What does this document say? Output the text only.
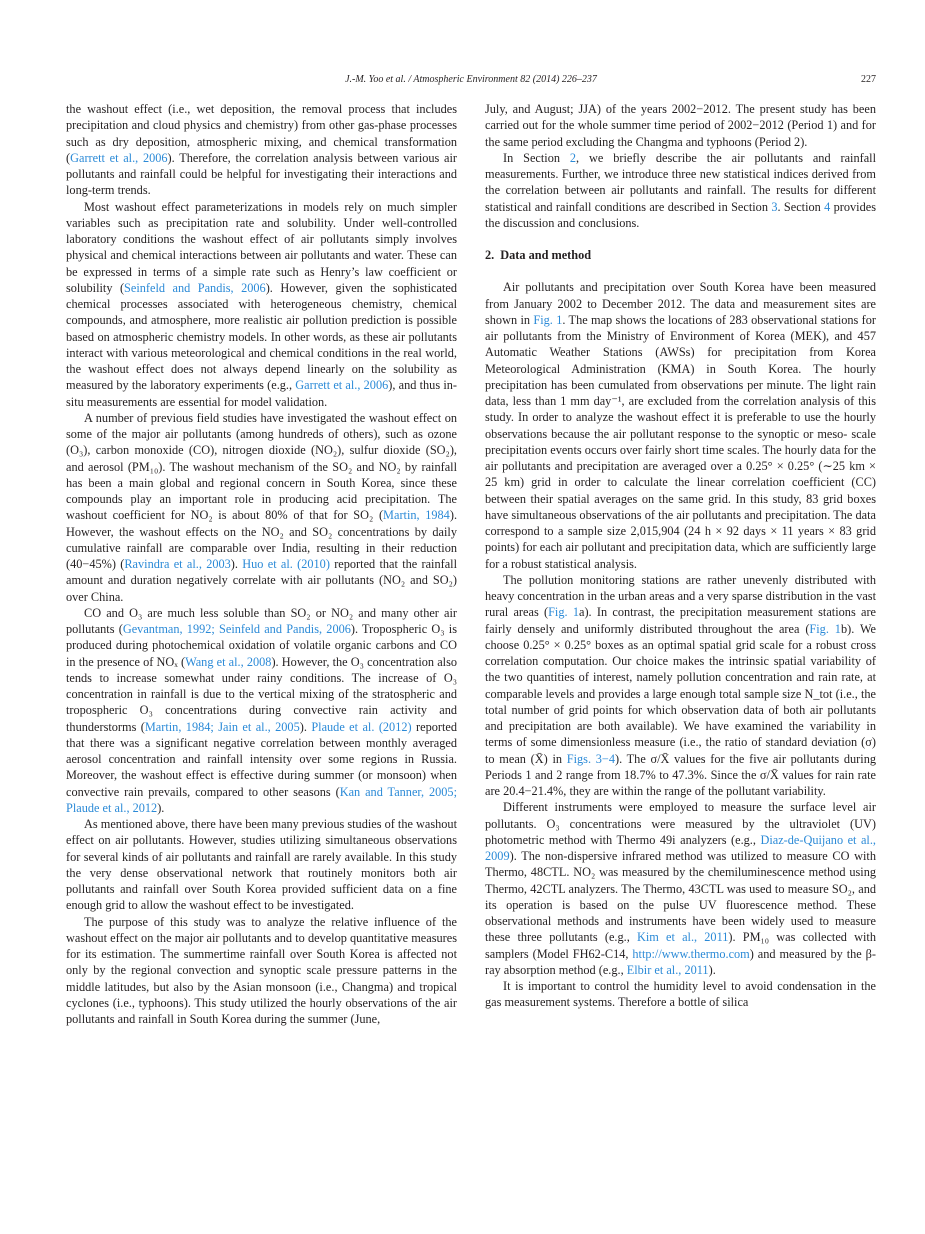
J.-M. Yoo et al. / Atmospheric Environment 82 (2014) 226–237	227

the washout effect (i.e., wet deposition, the removal process that includes precipitation and cloud physics and chemistry) from other gas-phase processes such as dry deposition, atmospheric mixing, and chemical transformation (Garrett et al., 2006). Therefore, the correlation analysis between various air pollutants and rainfall could be helpful for investigating their interactions and long-term trends.

Most washout effect parameterizations in models rely on much simpler variables such as precipitation rate and solubility. Under well-controlled laboratory conditions the washout effect of air pollutants simply involves physical and chemical interactions between air pollutants and water. These can be expressed in terms of a simple rate such as Henry’s law coefficient or solubility (Seinfeld and Pandis, 2006). However, given the sophisticated chemical processes associated with heterogeneous chemistry, chemical compounds, and atmosphere, more realistic air pollution prediction is possible based on atmospheric chemistry models. In other words, as these air pollutants interact with various meteorological and chemical conditions in the real world, the washout effect does not always depend linearly on the solubility as measured by the laboratory experiments (e.g., Garrett et al., 2006), and thus in-situ measurements are essential for model validation.

A number of previous field studies have investigated the washout effect on some of the major air pollutants (among hundreds of others), such as ozone (O₃), carbon monoxide (CO), nitrogen dioxide (NO₂), sulfur dioxide (SO₂), and aerosol (PM₁₀). The washout mechanism of the SO₂ and NO₂ by rainfall has been a main global and regional concern in South Korea, since these compounds play an important role in producing acid precipitation. The washout coefficient for NO₂ is about 80% of that for SO₂ (Martin, 1984). However, the washout effects on the NO₂ and SO₂ concentrations by daily cumulative rainfall are comparable over India, resulting in their reduction (40−45%) (Ravindra et al., 2003). Huo et al. (2010) reported that the rainfall amount and duration negatively correlate with air pollutants (NO₂ and SO₂) over China.

CO and O₃ are much less soluble than SO₂ or NO₂ and many other air pollutants (Gevantman, 1992; Seinfeld and Pandis, 2006). Tropospheric O₃ is produced during photochemical oxidation of volatile organic carbons and CO in the presence of NOₓ (Wang et al., 2008). However, the O₃ concentration also tends to increase somewhat under rainy conditions. The increase of O₃ concentration in rainfall is due to the vertical mixing of the stratospheric and tropospheric O₃ concentrations during convective rain activity and thunderstorms (Martin, 1984; Jain et al., 2005). Plaude et al. (2012) reported that there was a significant negative correlation between monthly averaged aerosol concentration and rainfall intensity over some regions in Russia. Moreover, the washout effect is effective during summer (or monsoon) when convective rain prevails, compared to other seasons (Kan and Tanner, 2005; Plaude et al., 2012).

As mentioned above, there have been many previous studies of the washout effect on air pollutants. However, studies utilizing simultaneous observations for several kinds of air pollutants and rainfall are rarely available. In this study the very dense observational network that routinely monitors both air pollutants and rainfall over South Korea provided sufficient data on a fine enough grid to allow the washout effect to be investigated.

The purpose of this study was to analyze the relative influence of the washout effect on the major air pollutants and to develop quantitative measures for its estimation. The summertime rainfall over South Korea is affected not only by the regional convection and synoptic scale pressure patterns in the middle latitudes, but also by the Asian monsoon (i.e., Changma) and tropical cyclones (i.e., typhoons). This study utilized the hourly observations of the air pollutants and rainfall in South Korea during the summer (June,

July, and August; JJA) of the years 2002−2012. The present study has been carried out for the whole summer time period of 2002−2012 (Period 1) and for the same period excluding the Changma and typhoons (Period 2).

In Section 2, we briefly describe the air pollutants and rainfall measurements. Further, we introduce three new statistical indices derived from the correlation between air pollutants and rainfall. The results for different statistical and rainfall conditions are described in Section 3. Section 4 provides the discussion and conclusions.

2. Data and method

Air pollutants and precipitation over South Korea have been measured from January 2002 to December 2012. The data and measurement sites are shown in Fig. 1. The map shows the locations of 283 observational stations for air pollutants from the Ministry of Environment of Korea (MEK), and 457 Automatic Weather Stations (AWSs) for precipitation from Korea Meteorological Administration (KMA) in South Korea. The hourly precipitation has been cumulated from observations per minute. The light rain data, less than 1 mm day⁻¹, are excluded from the correlation analysis of this study. In order to analyze the washout effect it is preferable to use the hourly observations because the air pollutant response to the synoptic or meso- scale precipitation events occurs over fairly short time scales. The hourly data for the air pollutants and precipitation are averaged over a 0.25° × 0.25° (∼25 km × 25 km) grid in order to calculate the linear correlation coefficient (CC) between their spatial averages on the same grid. In this study, 83 grid boxes have simultaneous observations of the air pollutants and precipitation. The data correspond to a sample size 2,015,904 (24 h × 92 days × 11 years × 83 grid points) for each air pollutant and precipitation data, which are sufficiently large for a robust statistical analysis.

The pollution monitoring stations are rather unevenly distributed with heavy concentration in the urban areas and a very sparse distribution in the vast rural areas (Fig. 1a). In contrast, the precipitation measurement stations are fairly densely and uniformly distributed throughout the area (Fig. 1b). We choose 0.25° × 0.25° boxes as an optimal spatial grid scale for a robust cross correlation computation. Our choice makes the intrinsic spatial variability of the two quantities of interest, namely pollution concentration and rain rate, at comparable levels and provides a large enough total sample size N_tot (i.e., the total number of grid points for which observation data of both air pollutants and precipitation are both available). We have examined the variability in terms of some dimensionless measure (i.e., the ratio of standard deviation (σ) to mean (X̄) in Figs. 3−4). The σ/X̄ values for the five air pollutants during Periods 1 and 2 range from 18.7% to 47.3%. Since the σ/X̄ values for rain rate are 20.4−21.4%, they are within the range of the pollutant variability.

Different instruments were employed to measure the surface level air pollutants. O₃ concentrations were measured by the ultraviolet (UV) photometric method with Thermo 49i analyzers (e.g., Diaz-de-Quijano et al., 2009). The non-dispersive infrared method was utilized to measure CO with Thermo, 48CTL. NO₂ was measured by the chemiluminescence method using Thermo, 42CTL analyzers. The Thermo, 43CTL was used to measure SO₂, and its operation is based on the pulse UV fluorescence method. These observational methods and instruments have been widely used to measure these three pollutants (e.g., Kim et al., 2011). PM₁₀ was collected with samplers (Model FH62-C14, http://www.thermo.com) and measured by the β-ray absorption method (e.g., Elbir et al., 2011).

It is important to control the humidity level to avoid condensation in the gas measurement systems. Therefore a bottle of silica
